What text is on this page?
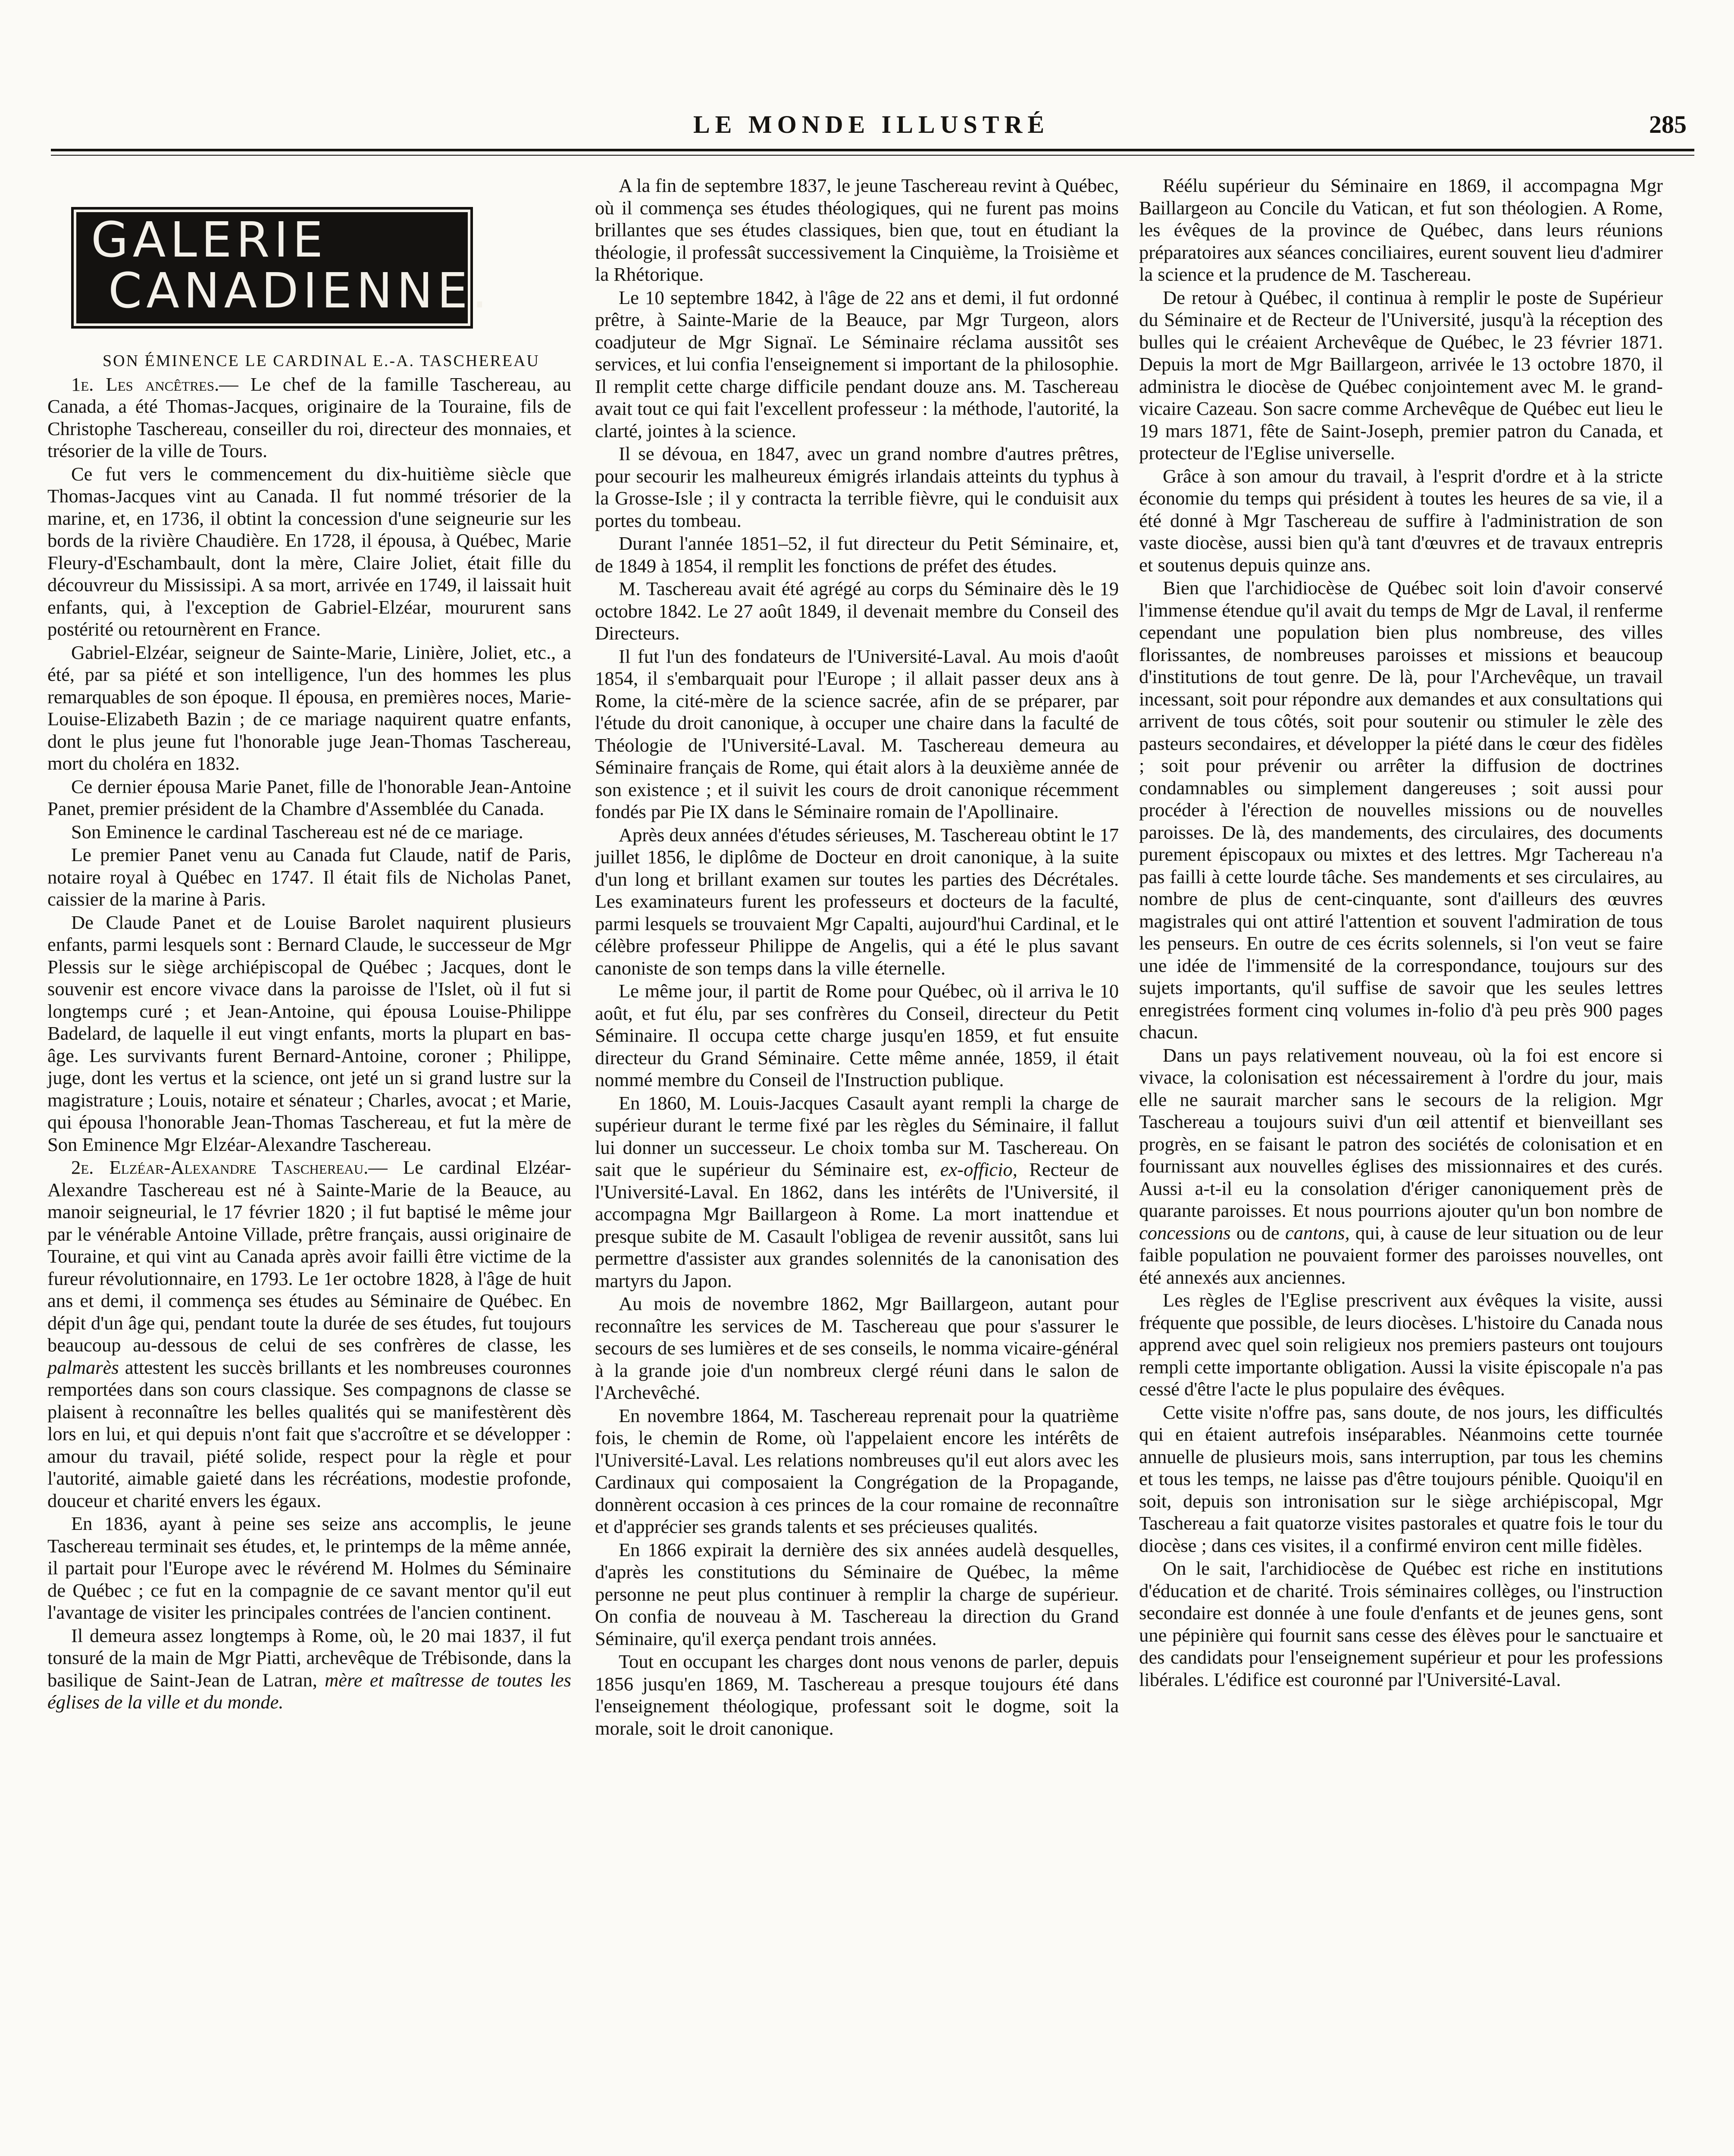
LE MONDE ILLUSTRÉ	285
GALERIE
CANADIENNE.

SON ÉMINENCE LE CARDINAL E.-A. TASCHEREAU

1e. Les ancêtres.— Le chef de la famille Taschereau, au Canada, a été Thomas-Jacques, originaire de la Touraine, fils de Christophe Taschereau, conseiller du roi, directeur des monnaies, et trésorier de la ville de Tours.

Ce fut vers le commencement du dix-huitième siècle que Thomas-Jacques vint au Canada. Il fut nommé trésorier de la marine, et, en 1736, il obtint la concession d'une seigneurie sur les bords de la rivière Chaudière. En 1728, il épousa, à Québec, Marie Fleury-d'Eschambault, dont la mère, Claire Joliet, était fille du découvreur du Mississipi. A sa mort, arrivée en 1749, il laissait huit enfants, qui, à l'exception de Gabriel-Elzéar, moururent sans postérité ou retournèrent en France.

Gabriel-Elzéar, seigneur de Sainte-Marie, Linière, Joliet, etc., a été, par sa piété et son intelligence, l'un des hommes les plus remarquables de son époque. Il épousa, en premières noces, Marie-Louise-Elizabeth Bazin ; de ce mariage naquirent quatre enfants, dont le plus jeune fut l'honorable juge Jean-Thomas Taschereau, mort du choléra en 1832.

Ce dernier épousa Marie Panet, fille de l'honorable Jean-Antoine Panet, premier président de la Chambre d'Assemblée du Canada.

Son Eminence le cardinal Taschereau est né de ce mariage.

Le premier Panet venu au Canada fut Claude, natif de Paris, notaire royal à Québec en 1747. Il était fils de Nicholas Panet, caissier de la marine à Paris.

De Claude Panet et de Louise Barolet naquirent plusieurs enfants, parmi lesquels sont : Bernard Claude, le successeur de Mgr Plessis sur le siège archiépiscopal de Québec ; Jacques, dont le souvenir est encore vivace dans la paroisse de l'Islet, où il fut si longtemps curé ; et Jean-Antoine, qui épousa Louise-Philippe Badelard, de laquelle il eut vingt enfants, morts la plupart en bas-âge. Les survivants furent Bernard-Antoine, coroner ; Philippe, juge, dont les vertus et la science, ont jeté un si grand lustre sur la magistrature ; Louis, notaire et sénateur ; Charles, avocat ; et Marie, qui épousa l'honorable Jean-Thomas Taschereau, et fut la mère de Son Eminence Mgr Elzéar-Alexandre Taschereau.

2e. Elzéar-Alexandre Taschereau.— Le cardinal Elzéar-Alexandre Taschereau est né à Sainte-Marie de la Beauce, au manoir seigneurial, le 17 février 1820 ; il fut baptisé le même jour par le vénérable Antoine Villade, prêtre français, aussi originaire de Touraine, et qui vint au Canada après avoir failli être victime de la fureur révolutionnaire, en 1793. Le 1er octobre 1828, à l'âge de huit ans et demi, il commença ses études au Séminaire de Québec. En dépit d'un âge qui, pendant toute la durée de ses études, fut toujours beaucoup au-dessous de celui de ses confrères de classe, les palmarès attestent les succès brillants et les nombreuses couronnes remportées dans son cours classique. Ses compagnons de classe se plaisent à reconnaître les belles qualités qui se manifestèrent dès lors en lui, et qui depuis n'ont fait que s'accroître et se développer : amour du travail, piété solide, respect pour la règle et pour l'autorité, aimable gaieté dans les récréations, modestie profonde, douceur et charité envers les égaux.

En 1836, ayant à peine ses seize ans accomplis, le jeune Taschereau terminait ses études, et, le printemps de la même année, il partait pour l'Europe avec le révérend M. Holmes du Séminaire de Québec ; ce fut en la compagnie de ce savant mentor qu'il eut l'avantage de visiter les principales contrées de l'ancien continent.

Il demeura assez longtemps à Rome, où, le 20 mai 1837, il fut tonsuré de la main de Mgr Piatti, archevêque de Trébisonde, dans la basilique de Saint-Jean de Latran, mère et maîtresse de toutes les églises de la ville et du monde.

A la fin de septembre 1837, le jeune Taschereau revint à Québec, où il commença ses études théologiques, qui ne furent pas moins brillantes que ses études classiques, bien que, tout en étudiant la théologie, il professât successivement la Cinquième, la Troisième et la Rhétorique.

Le 10 septembre 1842, à l'âge de 22 ans et demi, il fut ordonné prêtre, à Sainte-Marie de la Beauce, par Mgr Turgeon, alors coadjuteur de Mgr Signaï. Le Séminaire réclama aussitôt ses services, et lui confia l'enseignement si important de la philosophie. Il remplit cette charge difficile pendant douze ans. M. Taschereau avait tout ce qui fait l'excellent professeur : la méthode, l'autorité, la clarté, jointes à la science.

Il se dévoua, en 1847, avec un grand nombre d'autres prêtres, pour secourir les malheureux émigrés irlandais atteints du typhus à la Grosse-Isle ; il y contracta la terrible fièvre, qui le conduisit aux portes du tombeau.

Durant l'année 1851–52, il fut directeur du Petit Séminaire, et, de 1849 à 1854, il remplit les fonctions de préfet des études.

M. Taschereau avait été agrégé au corps du Séminaire dès le 19 octobre 1842. Le 27 août 1849, il devenait membre du Conseil des Directeurs.

Il fut l'un des fondateurs de l'Université-Laval. Au mois d'août 1854, il s'embarquait pour l'Europe ; il allait passer deux ans à Rome, la cité-mère de la science sacrée, afin de se préparer, par l'étude du droit canonique, à occuper une chaire dans la faculté de Théologie de l'Université-Laval. M. Taschereau demeura au Séminaire français de Rome, qui était alors à la deuxième année de son existence ; et il suivit les cours de droit canonique récemment fondés par Pie IX dans le Séminaire romain de l'Apollinaire.

Après deux années d'études sérieuses, M. Taschereau obtint le 17 juillet 1856, le diplôme de Docteur en droit canonique, à la suite d'un long et brillant examen sur toutes les parties des Décrétales. Les examinateurs furent les professeurs et docteurs de la faculté, parmi lesquels se trouvaient Mgr Capalti, aujourd'hui Cardinal, et le célèbre professeur Philippe de Angelis, qui a été le plus savant canoniste de son temps dans la ville éternelle.

Le même jour, il partit de Rome pour Québec, où il arriva le 10 août, et fut élu, par ses confrères du Conseil, directeur du Petit Séminaire. Il occupa cette charge jusqu'en 1859, et fut ensuite directeur du Grand Séminaire. Cette même année, 1859, il était nommé membre du Conseil de l'Instruction publique.

En 1860, M. Louis-Jacques Casault ayant rempli la charge de supérieur durant le terme fixé par les règles du Séminaire, il fallut lui donner un successeur. Le choix tomba sur M. Taschereau. On sait que le supérieur du Séminaire est, ex-officio, Recteur de l'Université-Laval. En 1862, dans les intérêts de l'Université, il accompagna Mgr Baillargeon à Rome. La mort inattendue et presque subite de M. Casault l'obligea de revenir aussitôt, sans lui permettre d'assister aux grandes solennités de la canonisation des martyrs du Japon.

Au mois de novembre 1862, Mgr Baillargeon, autant pour reconnaître les services de M. Taschereau que pour s'assurer le secours de ses lumières et de ses conseils, le nomma vicaire-général à la grande joie d'un nombreux clergé réuni dans le salon de l'Archevêché.

En novembre 1864, M. Taschereau reprenait pour la quatrième fois, le chemin de Rome, où l'appelaient encore les intérêts de l'Université-Laval. Les relations nombreuses qu'il eut alors avec les Cardinaux qui composaient la Congrégation de la Propagande, donnèrent occasion à ces princes de la cour romaine de reconnaître et d'apprécier ses grands talents et ses précieuses qualités.

En 1866 expirait la dernière des six années audelà desquelles, d'après les constitutions du Séminaire de Québec, la même personne ne peut plus continuer à remplir la charge de supérieur. On confia de nouveau à M. Taschereau la direction du Grand Séminaire, qu'il exerça pendant trois années.

Tout en occupant les charges dont nous venons de parler, depuis 1856 jusqu'en 1869, M. Taschereau a presque toujours été dans l'enseignement théologique, professant soit le dogme, soit la morale, soit le droit canonique.

Réélu supérieur du Séminaire en 1869, il accompagna Mgr Baillargeon au Concile du Vatican, et fut son théologien. A Rome, les évêques de la province de Québec, dans leurs réunions préparatoires aux séances conciliaires, eurent souvent lieu d'admirer la science et la prudence de M. Taschereau.

De retour à Québec, il continua à remplir le poste de Supérieur du Séminaire et de Recteur de l'Université, jusqu'à la réception des bulles qui le créaient Archevêque de Québec, le 23 février 1871. Depuis la mort de Mgr Baillargeon, arrivée le 13 octobre 1870, il administra le diocèse de Québec conjointement avec M. le grand-vicaire Cazeau. Son sacre comme Archevêque de Québec eut lieu le 19 mars 1871, fête de Saint-Joseph, premier patron du Canada, et protecteur de l'Eglise universelle.

Grâce à son amour du travail, à l'esprit d'ordre et à la stricte économie du temps qui président à toutes les heures de sa vie, il a été donné à Mgr Taschereau de suffire à l'administration de son vaste diocèse, aussi bien qu'à tant d'œuvres et de travaux entrepris et soutenus depuis quinze ans.

Bien que l'archidiocèse de Québec soit loin d'avoir conservé l'immense étendue qu'il avait du temps de Mgr de Laval, il renferme cependant une population bien plus nombreuse, des villes florissantes, de nombreuses paroisses et missions et beaucoup d'institutions de tout genre. De là, pour l'Archevêque, un travail incessant, soit pour répondre aux demandes et aux consultations qui arrivent de tous côtés, soit pour soutenir ou stimuler le zèle des pasteurs secondaires, et développer la piété dans le cœur des fidèles ; soit pour prévenir ou arrêter la diffusion de doctrines condamnables ou simplement dangereuses ; soit aussi pour procéder à l'érection de nouvelles missions ou de nouvelles paroisses. De là, des mandements, des circulaires, des documents purement épiscopaux ou mixtes et des lettres. Mgr Tachereau n'a pas failli à cette lourde tâche. Ses mandements et ses circulaires, au nombre de plus de cent-cinquante, sont d'ailleurs des œuvres magistrales qui ont attiré l'attention et souvent l'admiration de tous les penseurs. En outre de ces écrits solennels, si l'on veut se faire une idée de l'immensité de la correspondance, toujours sur des sujets importants, qu'il suffise de savoir que les seules lettres enregistrées forment cinq volumes in-folio d'à peu près 900 pages chacun.

Dans un pays relativement nouveau, où la foi est encore si vivace, la colonisation est nécessairement à l'ordre du jour, mais elle ne saurait marcher sans le secours de la religion. Mgr Taschereau a toujours suivi d'un œil attentif et bienveillant ses progrès, en se faisant le patron des sociétés de colonisation et en fournissant aux nouvelles églises des missionnaires et des curés. Aussi a-t-il eu la consolation d'ériger canoniquement près de quarante paroisses. Et nous pourrions ajouter qu'un bon nombre de concessions ou de cantons, qui, à cause de leur situation ou de leur faible population ne pouvaient former des paroisses nouvelles, ont été annexés aux anciennes.

Les règles de l'Eglise prescrivent aux évêques la visite, aussi fréquente que possible, de leurs diocèses. L'histoire du Canada nous apprend avec quel soin religieux nos premiers pasteurs ont toujours rempli cette importante obligation. Aussi la visite épiscopale n'a pas cessé d'être l'acte le plus populaire des évêques.

Cette visite n'offre pas, sans doute, de nos jours, les difficultés qui en étaient autrefois inséparables. Néanmoins cette tournée annuelle de plusieurs mois, sans interruption, par tous les chemins et tous les temps, ne laisse pas d'être toujours pénible. Quoiqu'il en soit, depuis son intronisation sur le siège archiépiscopal, Mgr Taschereau a fait quatorze visites pastorales et quatre fois le tour du diocèse ; dans ces visites, il a confirmé environ cent mille fidèles.

On le sait, l'archidiocèse de Québec est riche en institutions d'éducation et de charité. Trois séminaires collèges, ou l'instruction secondaire est donnée à une foule d'enfants et de jeunes gens, sont une pépinière qui fournit sans cesse des élèves pour le sanctuaire et des candidats pour l'enseignement supérieur et pour les professions libérales. L'édifice est couronné par l'Université-Laval.
